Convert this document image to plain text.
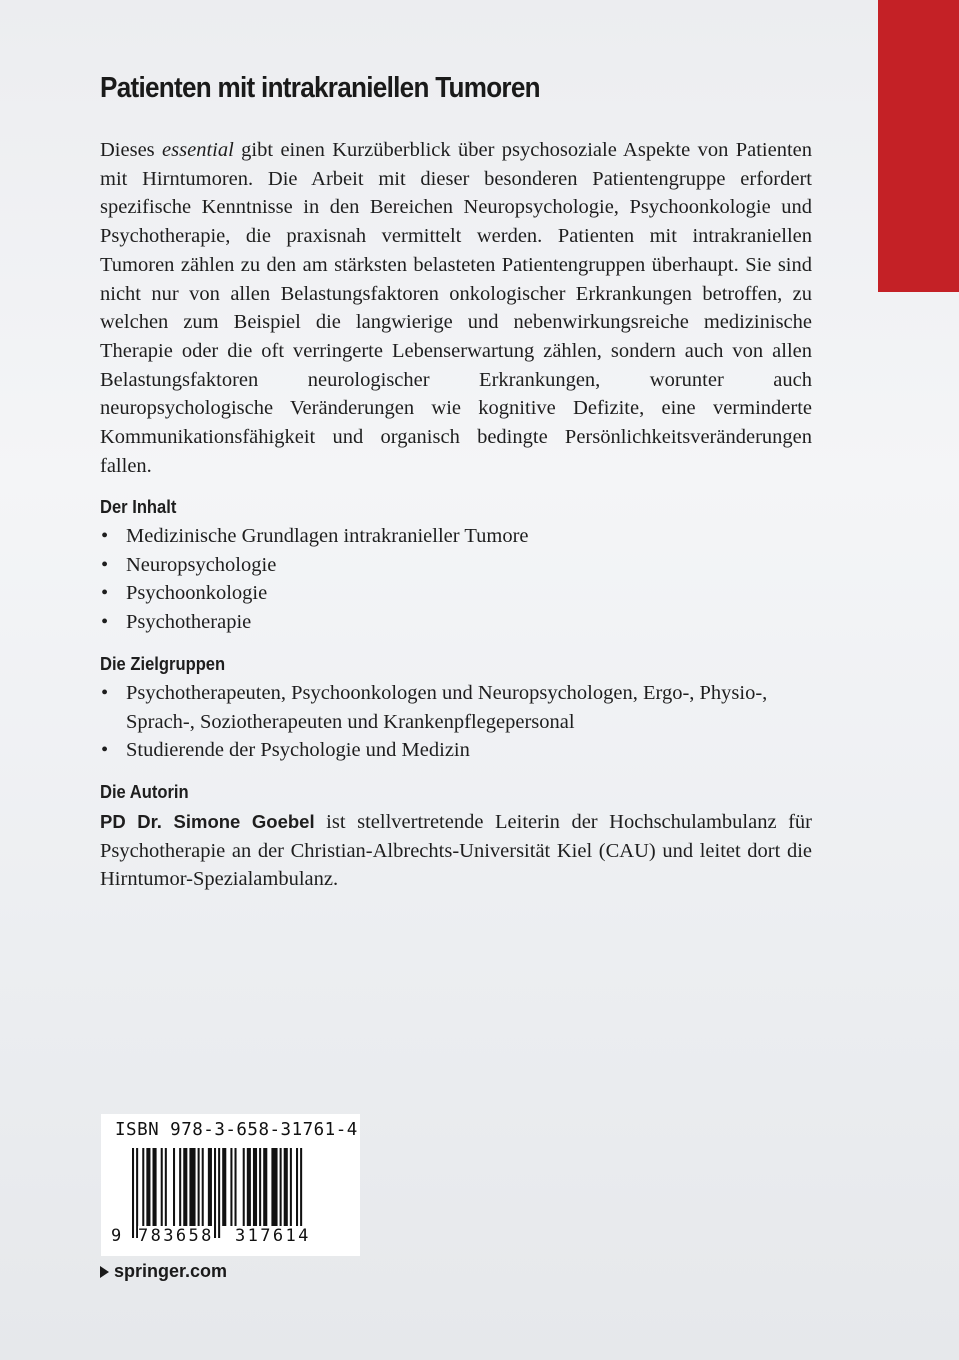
Patienten mit intrakraniellen Tumoren

Dieses essential gibt einen Kurzüberblick über psychosoziale Aspekte von Patienten mit Hirntumoren. Die Arbeit mit dieser besonderen Patientengruppe erfordert spezifische Kenntnisse in den Bereichen Neuropsychologie, Psychoonkologie und Psychotherapie, die praxisnah vermittelt werden. Patienten mit intrakraniellen Tumoren zählen zu den am stärksten belasteten Patientengruppen überhaupt. Sie sind nicht nur von allen Belastungsfaktoren onkologischer Erkrankungen betroffen, zu welchen zum Beispiel die langwierige und nebenwirkungsreiche medizinische Therapie oder die oft verringerte Lebenserwartung zählen, sondern auch von allen Belastungsfaktoren neurologischer Erkrankungen, worunter auch neuropsychologische Veränderungen wie kognitive Defizite, eine verminderte Kommunikationsfähigkeit und organisch bedingte Persönlichkeitsveränderungen fallen.

Der Inhalt
• Medizinische Grundlagen intrakranieller Tumore
• Neuropsychologie
• Psychoonkologie
• Psychotherapie
Die Zielgruppen
• Psychotherapeuten, Psychoonkologen und Neuropsychologen, Ergo-, Physio-, Sprach-, Soziotherapeuten und Krankenpflegepersonal
• Studierende der Psychologie und Medizin
Die Autorin

PD Dr. Simone Goebel ist stellvertretende Leiterin der Hochschulambulanz für Psychotherapie an der Christian-Albrechts-Universität Kiel (CAU) und leitet dort die Hirntumor-Spezialambulanz.

ISBN 978-3-658-31761-4

9 783658 317614

springer.com
